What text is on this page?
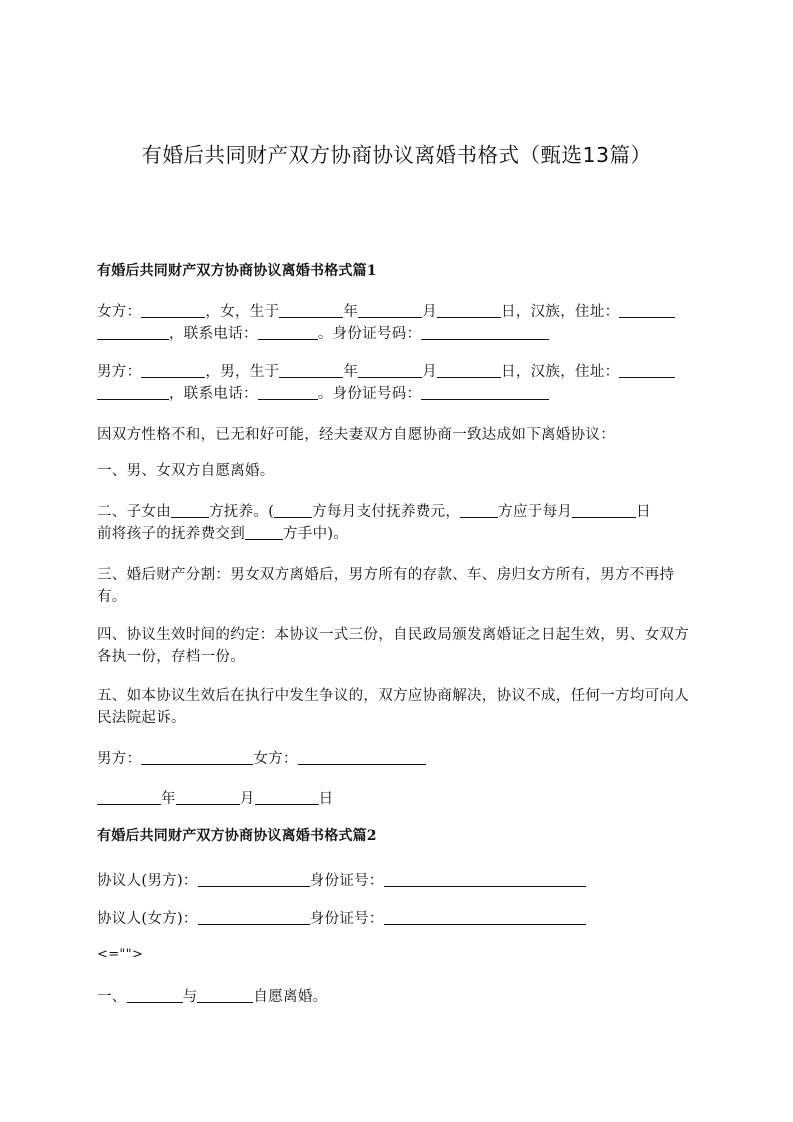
有婚后共同财产双方协商协议离婚书格式（甄选13篇）
有婚后共同财产双方协商协议离婚书格式篇1

女方：	，女，生于	年	月	日，汉族，住址：
，联系电话：	。身份证号码：

男方：	，男，生于	年	月	日，汉族，住址：
，联系电话：	。身份证号码：

因双方性格不和，已无和好可能，经夫妻双方自愿协商一致达成如下离婚协议：

一、男、女双方自愿离婚。

二、子女由	方抚养。(	方每月支付抚养费元，	方应于每月	日
前将孩子的抚养费交到	方手中)。

三、婚后财产分割：男女双方离婚后，男方所有的存款、车、房归女方所有，男方不再持有。

四、协议生效时间的约定：本协议一式三份，自民政局颁发离婚证之日起生效，男、女双方各执一份，存档一份。

五、如本协议生效后在执行中发生争议的，双方应协商解决，协议不成，任何一方均可向人民法院起诉。

男方：	女方：

年	月	日

有婚后共同财产双方协商协议离婚书格式篇2

协议人(男方)：	身份证号：

协议人(女方)：	身份证号：

<="">

一、	与	自愿离婚。
